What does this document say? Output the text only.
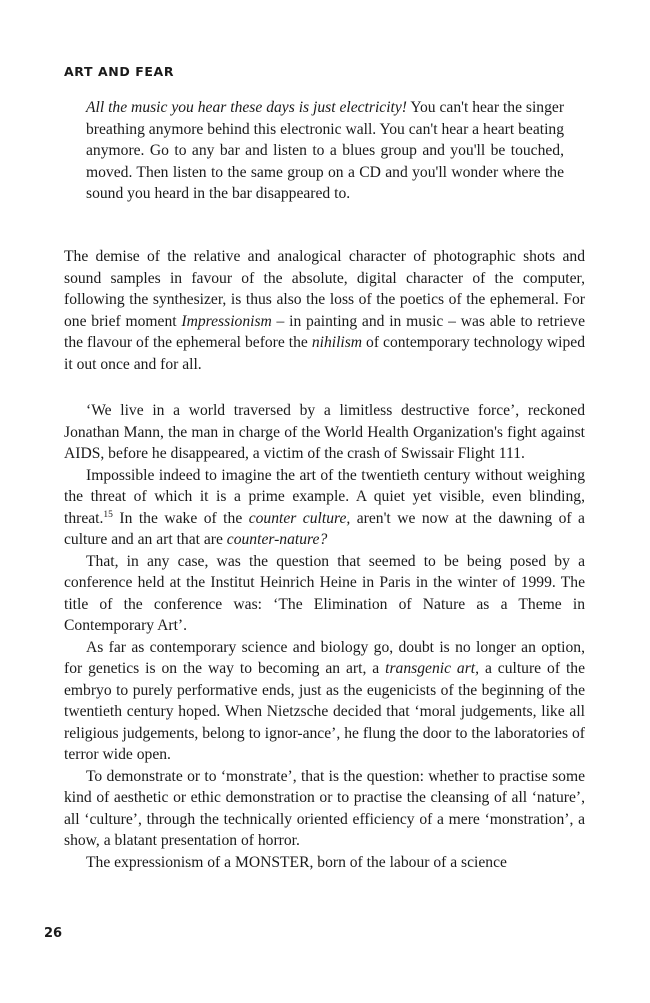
ART AND FEAR

All the music you hear these days is just electricity! You can't hear the singer breathing anymore behind this electronic wall. You can't hear a heart beating anymore. Go to any bar and listen to a blues group and you'll be touched, moved. Then listen to the same group on a CD and you'll wonder where the sound you heard in the bar disappeared to.

The demise of the relative and analogical character of photographic shots and sound samples in favour of the absolute, digital character of the computer, following the synthesizer, is thus also the loss of the poetics of the ephemeral. For one brief moment Impressionism – in painting and in music – was able to retrieve the flavour of the ephemeral before the nihilism of contemporary technology wiped it out once and for all.

‘We live in a world traversed by a limitless destructive force’, reckoned Jonathan Mann, the man in charge of the World Health Organization's fight against AIDS, before he disappeared, a victim of the crash of Swissair Flight 111.

Impossible indeed to imagine the art of the twentieth century without weighing the threat of which it is a prime example. A quiet yet visible, even blinding, threat.$^{15}$ In the wake of the counter culture, aren't we now at the dawning of a culture and an art that are counter-nature?

That, in any case, was the question that seemed to be being posed by a conference held at the Institut Heinrich Heine in Paris in the winter of 1999. The title of the conference was: ‘The Elimination of Nature as a Theme in Contemporary Art’.

As far as contemporary science and biology go, doubt is no longer an option, for genetics is on the way to becoming an art, a transgenic art, a culture of the embryo to purely performative ends, just as the eugenicists of the beginning of the twentieth century hoped. When Nietzsche decided that ‘moral judgements, like all religious judgements, belong to ignor-ance’, he flung the door to the laboratories of terror wide open.

To demonstrate or to ‘monstrate’, that is the question: whether to practise some kind of aesthetic or ethic demonstration or to practise the cleansing of all ‘nature’, all ‘culture’, through the technically oriented efficiency of a mere ‘monstration’, a show, a blatant presentation of horror.

The expressionism of a MONSTER, born of the labour of a science

26
